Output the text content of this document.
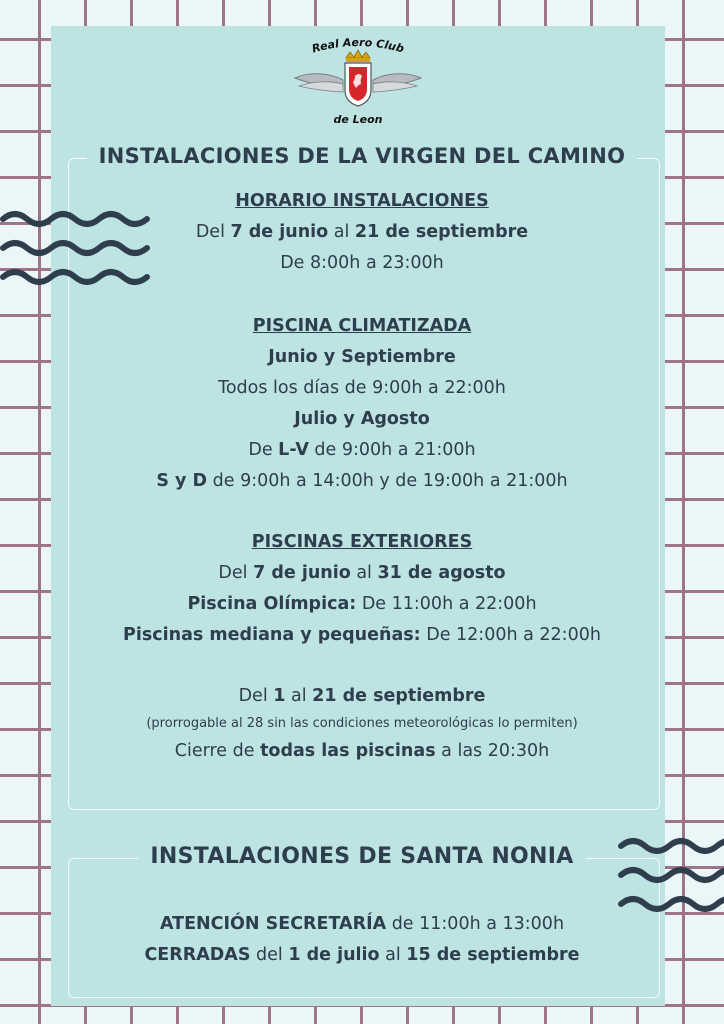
Real Aero Club
de Leon
INSTALACIONES DE LA VIRGEN DEL CAMINO
HORARIO INSTALACIONES
Del 7 de junio al 21 de septiembre
De 8:00h a 23:00h
PISCINA CLIMATIZADA
Junio y Septiembre
Todos los días de 9:00h a 22:00h
Julio y Agosto
De L-V de 9:00h a 21:00h
S y D de 9:00h a 14:00h y de 19:00h a 21:00h
PISCINAS EXTERIORES
Del 7 de junio al 31 de agosto
Piscina Olímpica: De 11:00h a 22:00h
Piscinas mediana y pequeñas: De 12:00h a 22:00h
Del 1 al 21 de septiembre
(prorrogable al 28 sin las condiciones meteorológicas lo permiten)
Cierre de todas las piscinas a las 20:30h
INSTALACIONES DE SANTA NONIA
ATENCIÓN SECRETARÍA de 11:00h a 13:00h
CERRADAS del 1 de julio al 15 de septiembre
